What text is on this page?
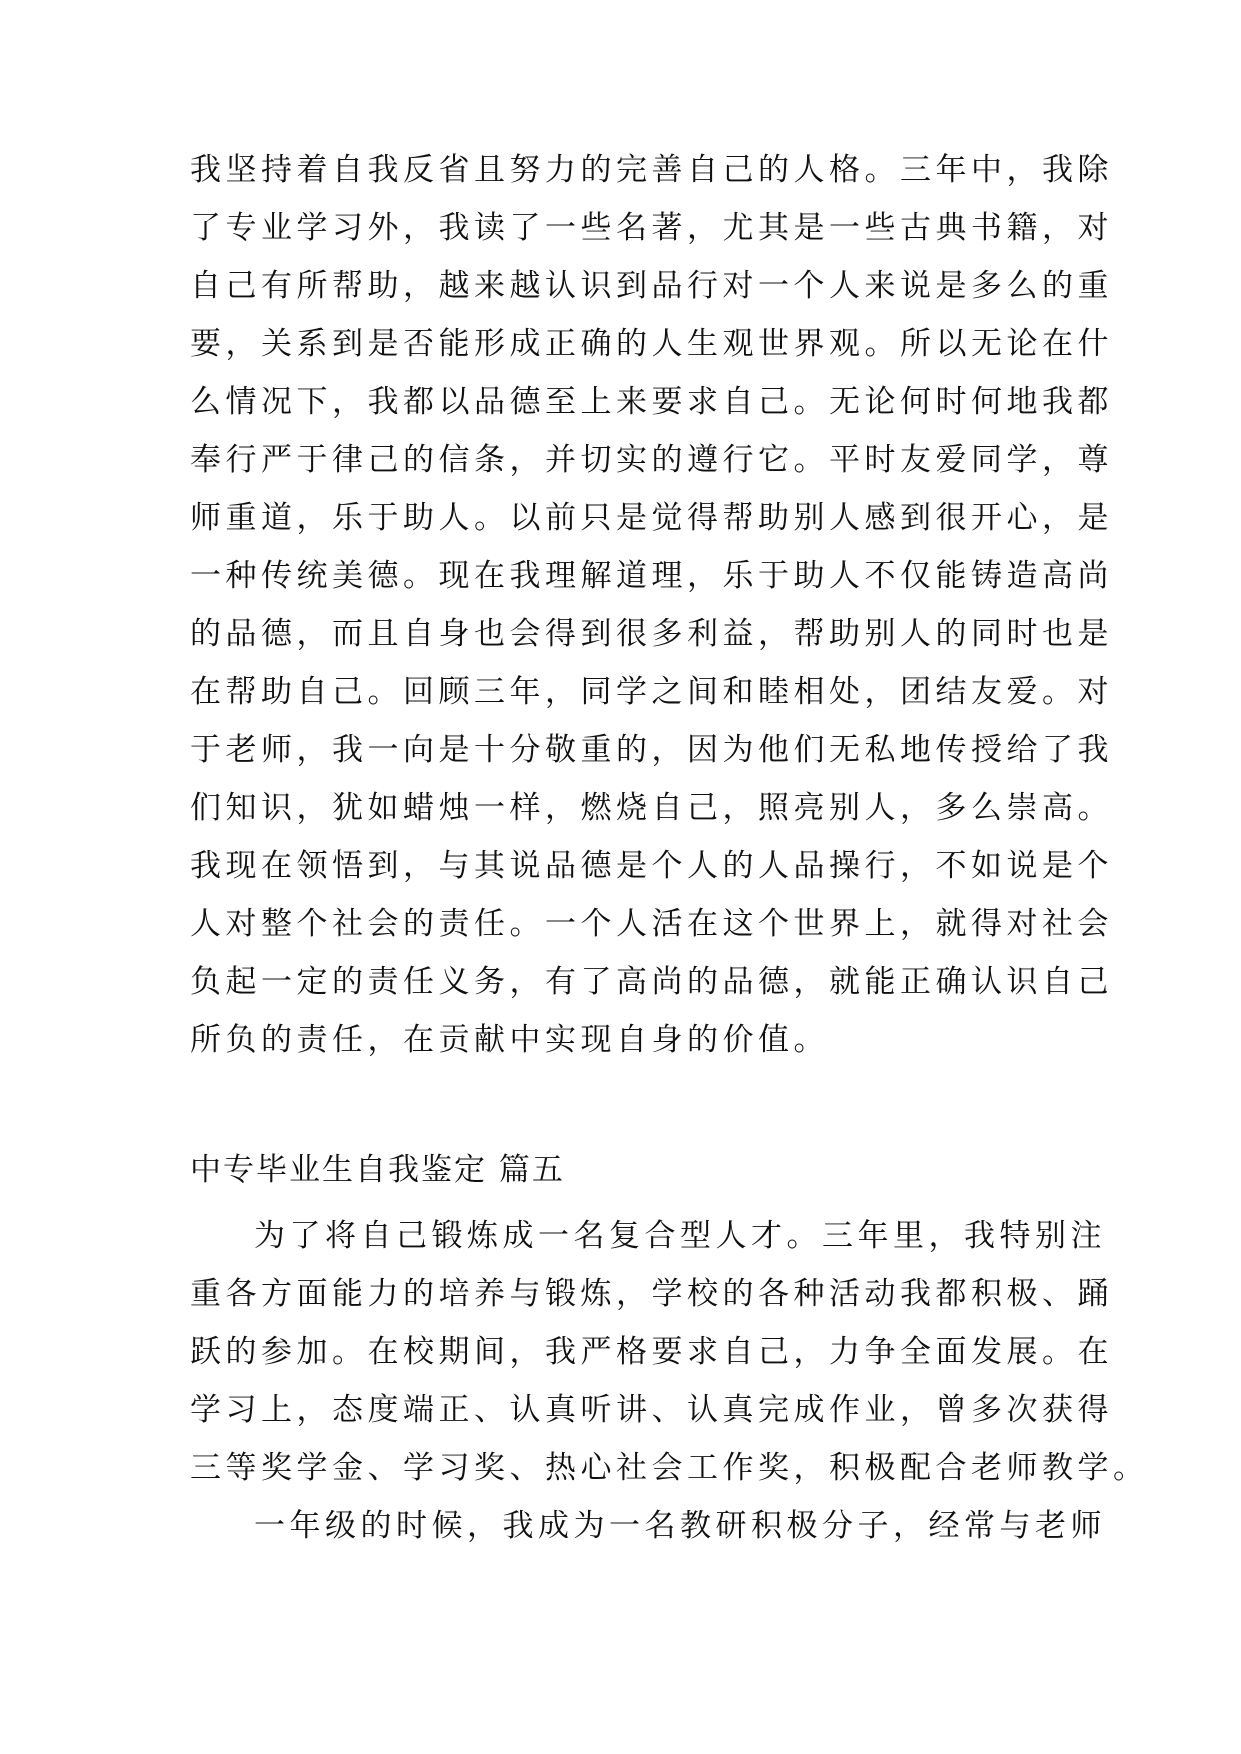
我坚持着自我反省且努力的完善自己的人格。三年中，我除
了专业学习外，我读了一些名著，尤其是一些古典书籍，对
自己有所帮助，越来越认识到品行对一个人来说是多么的重
要，关系到是否能形成正确的人生观世界观。所以无论在什
么情况下，我都以品德至上来要求自己。无论何时何地我都
奉行严于律己的信条，并切实的遵行它。平时友爱同学，尊
师重道，乐于助人。以前只是觉得帮助别人感到很开心，是
一种传统美德。现在我理解道理，乐于助人不仅能铸造高尚
的品德，而且自身也会得到很多利益，帮助别人的同时也是
在帮助自己。回顾三年，同学之间和睦相处，团结友爱。对
于老师，我一向是十分敬重的，因为他们无私地传授给了我
们知识，犹如蜡烛一样，燃烧自己，照亮别人，多么崇高。
我现在领悟到，与其说品德是个人的人品操行，不如说是个
人对整个社会的责任。一个人活在这个世界上，就得对社会
负起一定的责任义务，有了高尚的品德，就能正确认识自己
所负的责任，在贡献中实现自身的价值。
中专毕业生自我鉴定 篇五
为了将自己锻炼成一名复合型人才。三年里，我特别注
重各方面能力的培养与锻炼，学校的各种活动我都积极、踊
跃的参加。在校期间，我严格要求自己，力争全面发展。在
学习上，态度端正、认真听讲、认真完成作业，曾多次获得
三等奖学金、学习奖、热心社会工作奖，积极配合老师教学。
一年级的时候，我成为一名教研积极分子，经常与老师
